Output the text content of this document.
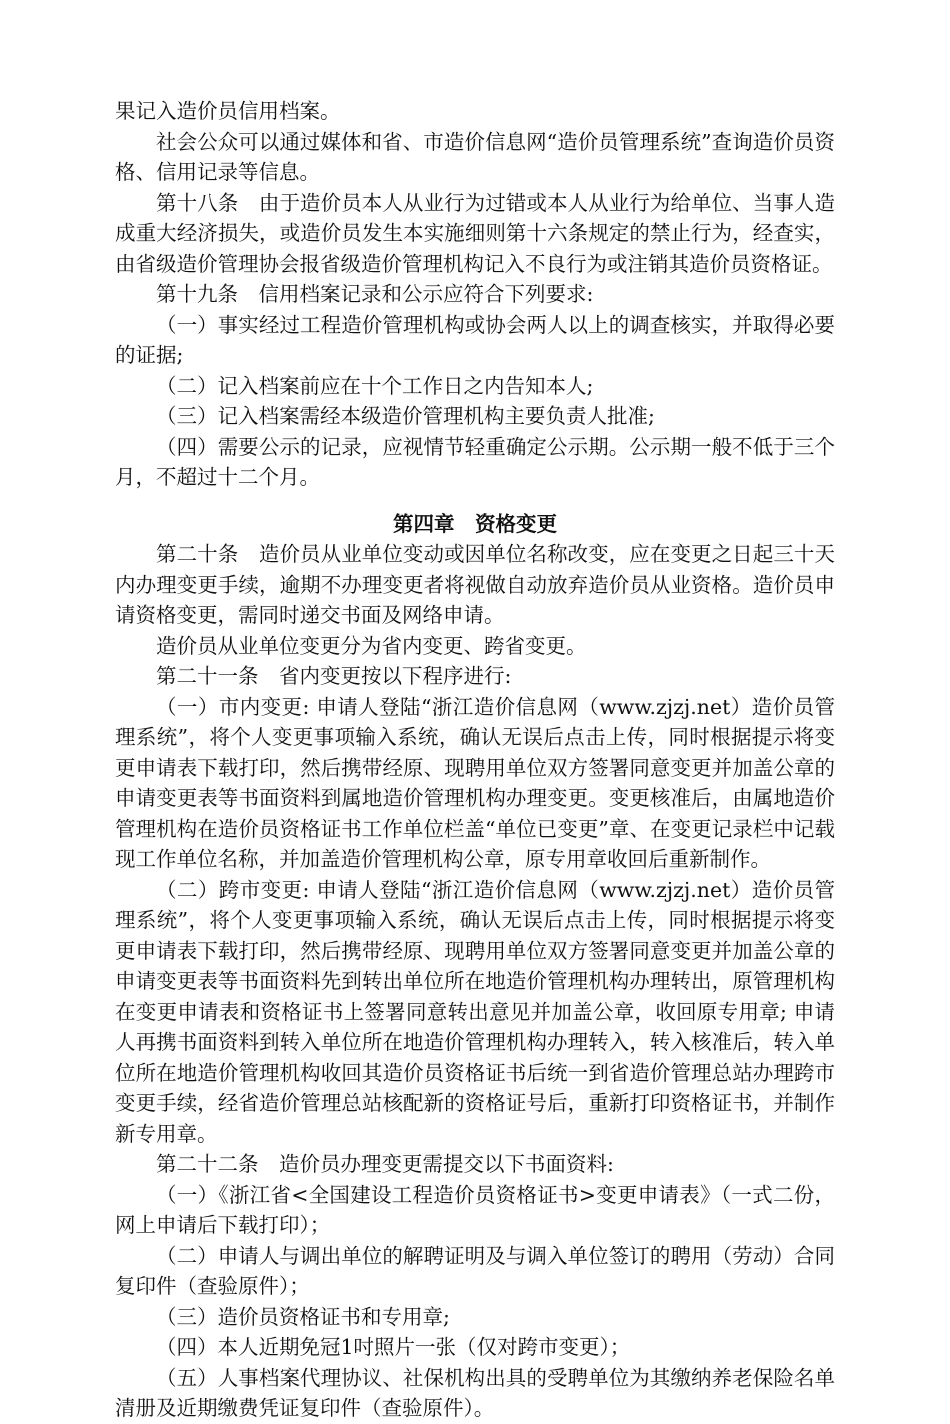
果记入造价员信用档案。

社会公众可以通过媒体和省、市造价信息网“造价员管理系统”查询造价员资格、信用记录等信息。

第十八条　由于造价员本人从业行为过错或本人从业行为给单位、当事人造成重大经济损失，或造价员发生本实施细则第十六条规定的禁止行为，经查实，由省级造价管理协会报省级造价管理机构记入不良行为或注销其造价员资格证。

第十九条　信用档案记录和公示应符合下列要求:

（一）事实经过工程造价管理机构或协会两人以上的调查核实，并取得必要的证据;

（二）记入档案前应在十个工作日之内告知本人;

（三）记入档案需经本级造价管理机构主要负责人批准;

（四）需要公示的记录，应视情节轻重确定公示期。公示期一般不低于三个月，不超过十二个月。

第四章　资格变更

第二十条　造价员从业单位变动或因单位名称改变，应在变更之日起三十天内办理变更手续，逾期不办理变更者将视做自动放弃造价员从业资格。造价员申请资格变更，需同时递交书面及网络申请。

造价员从业单位变更分为省内变更、跨省变更。

第二十一条　省内变更按以下程序进行:

（一）市内变更: 申请人登陆“浙江造价信息网（www.zjzj.net）造价员管理系统”，将个人变更事项输入系统，确认无误后点击上传，同时根据提示将变更申请表下载打印，然后携带经原、现聘用单位双方签署同意变更并加盖公章的申请变更表等书面资料到属地造价管理机构办理变更。变更核准后，由属地造价管理机构在造价员资格证书工作单位栏盖“单位已变更”章、在变更记录栏中记载现工作单位名称，并加盖造价管理机构公章，原专用章收回后重新制作。

（二）跨市变更: 申请人登陆“浙江造价信息网（www.zjzj.net）造价员管理系统”，将个人变更事项输入系统，确认无误后点击上传，同时根据提示将变更申请表下载打印，然后携带经原、现聘用单位双方签署同意变更并加盖公章的申请变更表等书面资料先到转出单位所在地造价管理机构办理转出，原管理机构在变更申请表和资格证书上签署同意转出意见并加盖公章，收回原专用章; 申请人再携书面资料到转入单位所在地造价管理机构办理转入，转入核准后，转入单位所在地造价管理机构收回其造价员资格证书后统一到省造价管理总站办理跨市变更手续，经省造价管理总站核配新的资格证号后，重新打印资格证书，并制作新专用章。

第二十二条　造价员办理变更需提交以下书面资料:

（一）《浙江省<全国建设工程造价员资格证书>变更申请表》（一式二份，网上申请后下载打印）；

（二）申请人与调出单位的解聘证明及与调入单位签订的聘用（劳动）合同复印件（查验原件）；

（三）造价员资格证书和专用章;

（四）本人近期免冠1吋照片一张（仅对跨市变更）；

（五）人事档案代理协议、社保机构出具的受聘单位为其缴纳养老保险名单清册及近期缴费凭证复印件（查验原件）。
